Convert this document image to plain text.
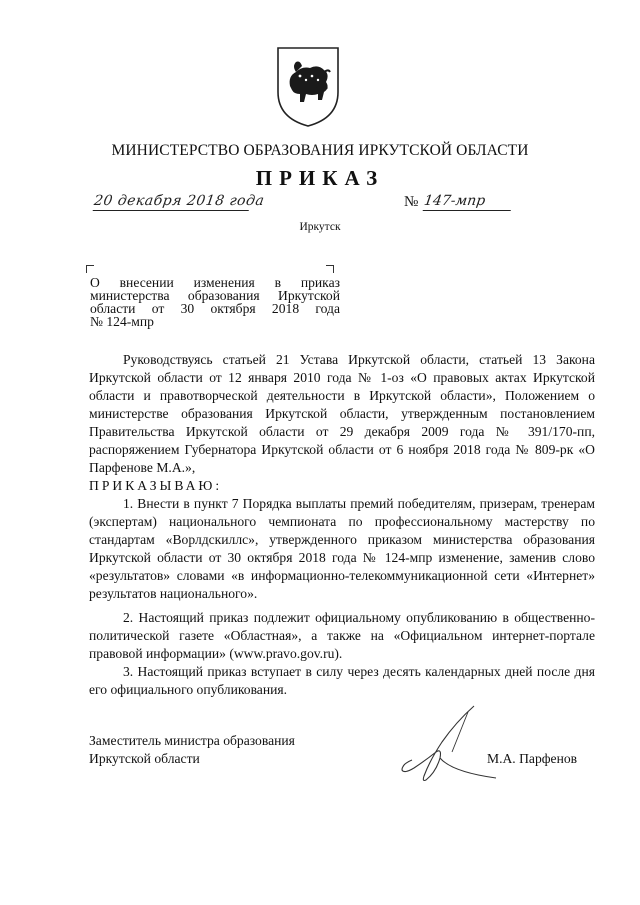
МИНИСТЕРСТВО ОБРАЗОВАНИЯ ИРКУТСКОЙ ОБЛАСТИ
ПРИКАЗ
20 декабря 2018 года	№ 147-мпр
Иркутск
О внесении изменения в приказ
министерства образования Иркутской
области от 30 октября 2018 года
№ 124-мпр

Руководствуясь статьей 21 Устава Иркутской области, статьей 13 Закона Иркутской области от 12 января 2010 года № 1-оз «О правовых актах Иркутской области и правотворческой деятельности в Иркутской области», Положением о министерстве образования Иркутской области, утвержденным постановлением Правительства Иркутской области от 29 декабря 2009 года № 391/170-пп, распоряжением Губернатора Иркутской области от 6 ноября 2018 года № 809-рк «О Парфенове М.А.»,

ПРИКАЗЫВАЮ:

1. Внести в пункт 7 Порядка выплаты премий победителям, призерам, тренерам (экспертам) национального чемпионата по профессиональному мастерству по стандартам «Ворлдскиллс», утвержденного приказом министерства образования Иркутской области от 30 октября 2018 года № 124-мпр изменение, заменив слово «результатов» словами «в информационно-телекоммуникационной сети «Интернет» результатов национального».

2. Настоящий приказ подлежит официальному опубликованию в общественно-политической газете «Областная», а также на «Официальном интернет-портале правовой информации» (www.pravo.gov.ru).

3. Настоящий приказ вступает в силу через десять календарных дней после дня его официального опубликования.

Заместитель министра образования
Иркутской области	М.А. Парфенов
